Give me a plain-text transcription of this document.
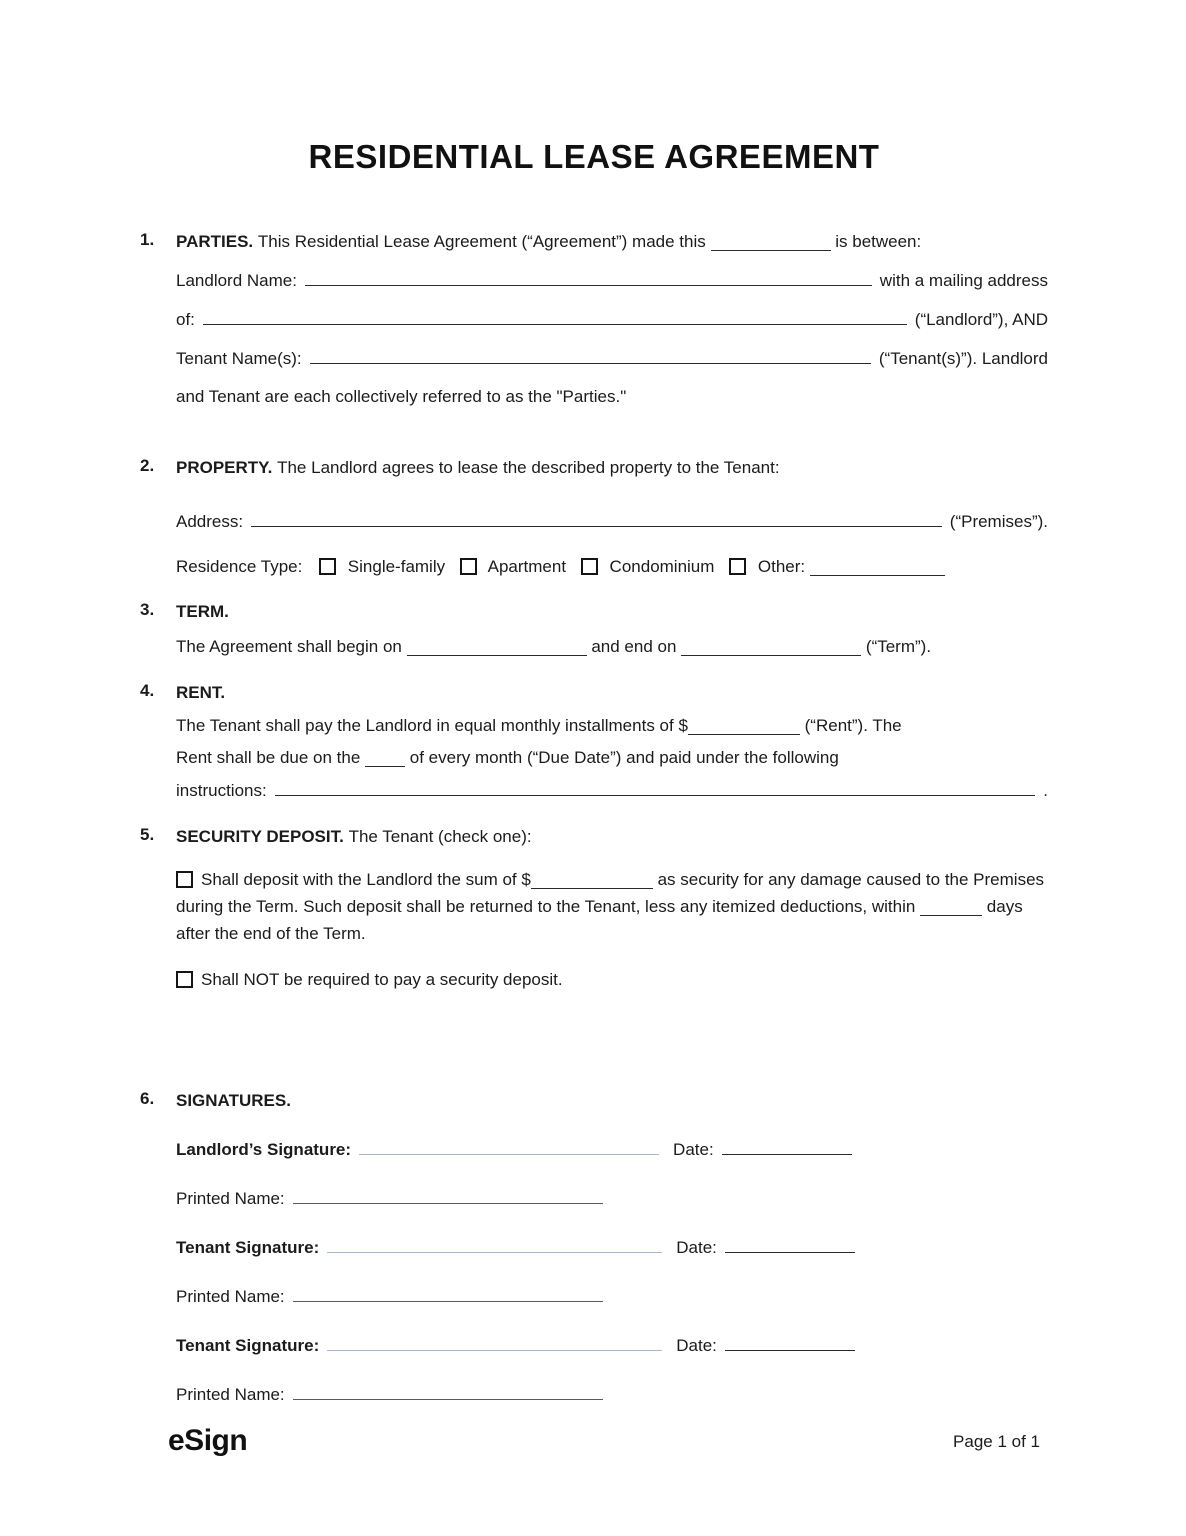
RESIDENTIAL LEASE AGREEMENT
1. PARTIES. This Residential Lease Agreement (“Agreement”) made this	is between:
Landlord Name:	with a mailing address
of:	(“Landlord”), AND
Tenant Name(s):	(“Tenant(s)”). Landlord
and Tenant are each collectively referred to as the "Parties."
2. PROPERTY. The Landlord agrees to lease the described property to the Tenant:
Address:	(“Premises”).
Residence Type:	Single-family	Apartment	Condominium	Other:
3. TERM.
The Agreement shall begin on	and end on	(“Term”).
4. RENT.
The Tenant shall pay the Landlord in equal monthly installments of $	(“Rent”). The
Rent shall be due on the	of every month (“Due Date”) and paid under the following
instructions:	.
5. SECURITY DEPOSIT. The Tenant (check one):
Shall deposit with the Landlord the sum of $	as security for any damage caused to the Premises during the Term. Such deposit shall be returned to the Tenant, less any itemized deductions, within	days after the end of the Term.
Shall NOT be required to pay a security deposit.
6. SIGNATURES.
Landlord’s Signature:	Date:
Printed Name:
Tenant Signature:	Date:
Printed Name:
Tenant Signature:	Date:
Printed Name:
eSign	Page 1 of 1
